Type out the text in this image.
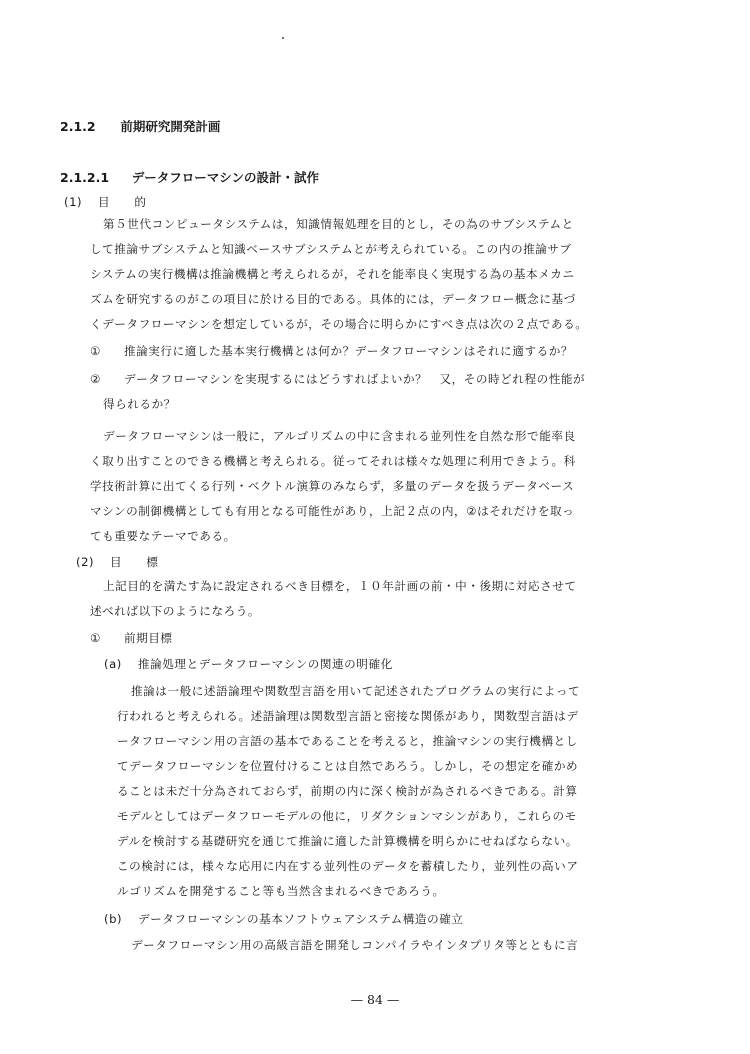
2.1.2 前期研究開発計画
2.1.2.1 データフローマシンの設計・試作
(1) 目　　的
第５世代コンピュータシステムは，知識情報処理を目的とし，その為のサブシステムと
して推論サブシステムと知識ベースサブシステムとが考えられている。この内の推論サブ
システムの実行機構は推論機構と考えられるが，それを能率良く実現する為の基本メカニ
ズムを研究するのがこの項目に於ける目的である。具体的には，データフロー概念に基づ
くデータフローマシンを想定しているが，その場合に明らかにすべき点は次の２点である。
① 推論実行に適した基本実行機構とは何か？データフローマシンはそれに適するか？
② データフローマシンを実現するにはどうすればよいか？　又，その時どれ程の性能が
得られるか？
データフローマシンは一般に，アルゴリズムの中に含まれる並列性を自然な形で能率良
く取り出すことのできる機構と考えられる。従ってそれは様々な処理に利用できよう。科
学技術計算に出てくる行列・ベクトル演算のみならず，多量のデータを扱うデータベース
マシンの制御機構としても有用となる可能性があり，上記２点の内，②はそれだけを取っ
ても重要なテーマである。
(2) 目　　標
上記目的を満たす為に設定されるべき目標を，１０年計画の前・中・後期に対応させて
述べれば以下のようになろう。
① 前期目標
(a) 推論処理とデータフローマシンの関連の明確化
推論は一般に述語論理や関数型言語を用いて記述されたプログラムの実行によって
行われると考えられる。述語論理は関数型言語と密接な関係があり，関数型言語はデ
ータフローマシン用の言語の基本であることを考えると，推論マシンの実行機構とし
てデータフローマシンを位置付けることは自然であろう。しかし，その想定を確かめ
ることは未だ十分為されておらず，前期の内に深く検討が為されるべきである。計算
モデルとしてはデータフローモデルの他に，リダクションマシンがあり，これらのモ
デルを検討する基礎研究を通じて推論に適した計算機構を明らかにせねばならない。
この検討には，様々な応用に内在する並列性のデータを蓄積したり，並列性の高いア
ルゴリズムを開発すること等も当然含まれるべきであろう。
(b) データフローマシンの基本ソフトウェアシステム構造の確立
データフローマシン用の高級言語を開発しコンパイラやインタプリタ等とともに言
— 84 —
